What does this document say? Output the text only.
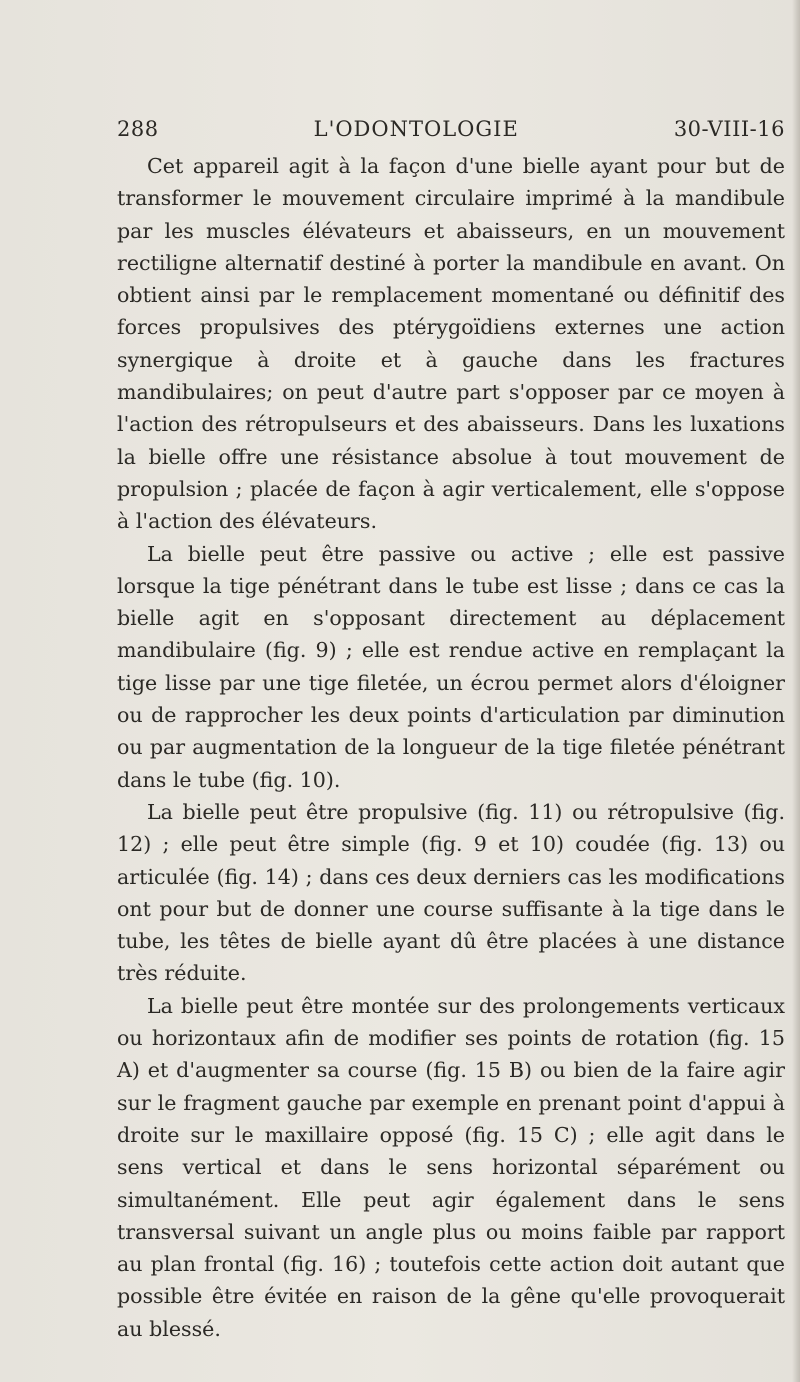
288	L'ODONTOLOGIE	30-VIII-16

Cet appareil agit à la façon d'une bielle ayant pour but de transformer le mouvement circulaire imprimé à la mandibule par les muscles élévateurs et abaisseurs, en un mouvement rectiligne alternatif destiné à porter la mandibule en avant. On obtient ainsi par le remplacement momentané ou définitif des forces propulsives des ptérygoïdiens externes une action synergique à droite et à gauche dans les fractures mandibulaires; on peut d'autre part s'opposer par ce moyen à l'action des rétropulseurs et des abaisseurs. Dans les luxations la bielle offre une résistance absolue à tout mouvement de propulsion ; placée de façon à agir verticalement, elle s'oppose à l'action des élévateurs.

La bielle peut être passive ou active ; elle est passive lorsque la tige pénétrant dans le tube est lisse ; dans ce cas la bielle agit en s'opposant directement au déplacement mandibulaire (fig. 9) ; elle est rendue active en remplaçant la tige lisse par une tige filetée, un écrou permet alors d'éloigner ou de rapprocher les deux points d'articulation par diminution ou par augmentation de la longueur de la tige filetée pénétrant dans le tube (fig. 10).

La bielle peut être propulsive (fig. 11) ou rétropulsive (fig. 12) ; elle peut être simple (fig. 9 et 10) coudée (fig. 13) ou articulée (fig. 14) ; dans ces deux derniers cas les modifications ont pour but de donner une course suffisante à la tige dans le tube, les têtes de bielle ayant dû être placées à une distance très réduite.

La bielle peut être montée sur des prolongements verticaux ou horizontaux afin de modifier ses points de rotation (fig. 15 A) et d'augmenter sa course (fig. 15 B) ou bien de la faire agir sur le fragment gauche par exemple en prenant point d'appui à droite sur le maxillaire opposé (fig. 15 C) ; elle agit dans le sens vertical et dans le sens horizontal séparément ou simultanément. Elle peut agir également dans le sens transversal suivant un angle plus ou moins faible par rapport au plan frontal (fig. 16) ; toutefois cette action doit autant que possible être évitée en raison de la gêne qu'elle provoquerait au blessé.
